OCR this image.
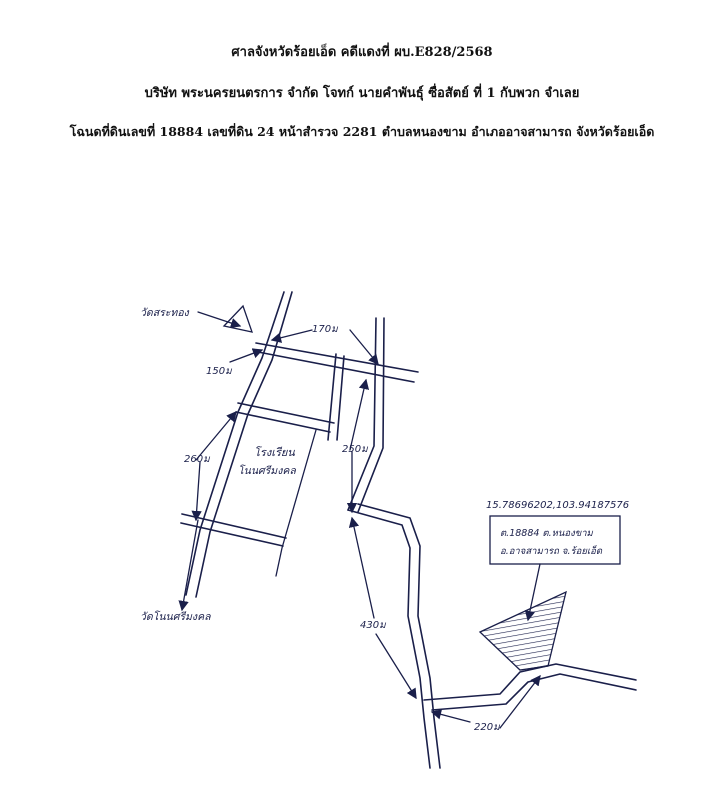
ศาลจังหวัดร้อยเอ็ด คดีแดงที่ ผบ.E828/2568
บริษัท พระนครยนตรการ จำกัด โจทก์ นายคำพันธุ์ ซื่อสัตย์ ที่ 1 กับพวก จำเลย
โฉนดที่ดินเลขที่ 18884 เลขที่ดิน 24 หน้าสำรวจ 2281 ตำบลหนองขาม อำเภออาจสามารถ จังหวัดร้อยเอ็ด
วัดสระทอง
วัดโนนศรีมงคล
170ม
150ม
250ม
260ม
430ม
220ม
โรงเรียน
โนนศรีมงคล
15.78696202,103.94187576
ต.18884 ต.หนองขาม
อ.อาจสามารถ จ.ร้อยเอ็ด
